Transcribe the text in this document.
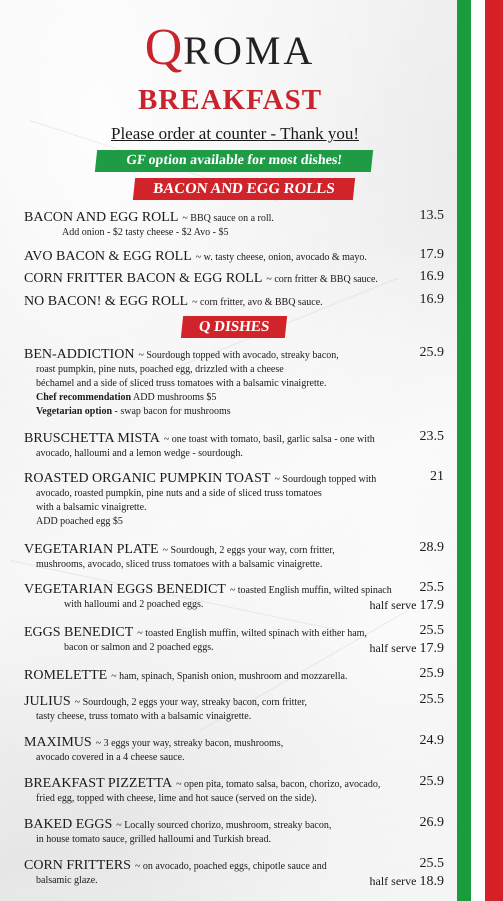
QROMA
BREAKFAST
Please order at counter - Thank you!
GF option available for most dishes!
BACON AND EGG ROLLS
Q DISHES
BACON AND EGG ROLL ~ BBQ sauce on a roll.
Add onion - $2 tasty cheese - $2 Avo - $5
13.5
AVO BACON & EGG ROLL ~ w. tasty cheese, onion, avocado & mayo.	17.9
CORN FRITTER BACON & EGG ROLL ~ corn fritter & BBQ sauce.	16.9
NO BACON! & EGG ROLL ~ corn fritter, avo & BBQ sauce.	16.9
BEN-ADDICTION ~ Sourdough topped with avocado, streaky bacon,
roast pumpkin, pine nuts, poached egg, drizzled with a cheese
béchamel and a side of sliced truss tomatoes with a balsamic vinaigrette.
Chef recommendation ADD mushrooms $5
Vegetarian option - swap bacon for mushrooms
25.9
BRUSCHETTA MISTA ~ one toast with tomato, basil, garlic salsa - one with
avocado, halloumi and a lemon wedge - sourdough.
23.5
ROASTED ORGANIC PUMPKIN TOAST ~ Sourdough topped with
avocado, roasted pumpkin, pine nuts and a side of sliced truss tomatoes
with a balsamic vinaigrette.
ADD poached egg $5
21
VEGETARIAN PLATE ~ Sourdough, 2 eggs your way, corn fritter,
mushrooms, avocado, sliced truss tomatoes with a balsamic vinaigrette.
28.9
VEGETARIAN EGGS BENEDICT ~ toasted English muffin, wilted spinach
with halloumi and 2 poached eggs.
25.5
half serve 17.9
EGGS BENEDICT ~ toasted English muffin, wilted spinach with either ham,
bacon or salmon and 2 poached eggs.
25.5
half serve 17.9
ROMELETTE ~ ham, spinach, Spanish onion, mushroom and mozzarella.	25.9
JULIUS ~ Sourdough, 2 eggs your way, streaky bacon, corn fritter,
tasty cheese, truss tomato with a balsamic vinaigrette.
25.5
MAXIMUS ~ 3 eggs your way, streaky bacon, mushrooms,
avocado covered in a 4 cheese sauce.
24.9
BREAKFAST PIZZETTA ~ open pita, tomato salsa, bacon, chorizo, avocado,
fried egg, topped with cheese, lime and hot sauce (served on the side).
25.9
BAKED EGGS ~ Locally sourced chorizo, mushroom, streaky bacon,
in house tomato sauce, grilled halloumi and Turkish bread.
26.9
CORN FRITTERS ~ on avocado, poached eggs, chipotle sauce and
balsamic glaze.
25.5
half serve 18.9
